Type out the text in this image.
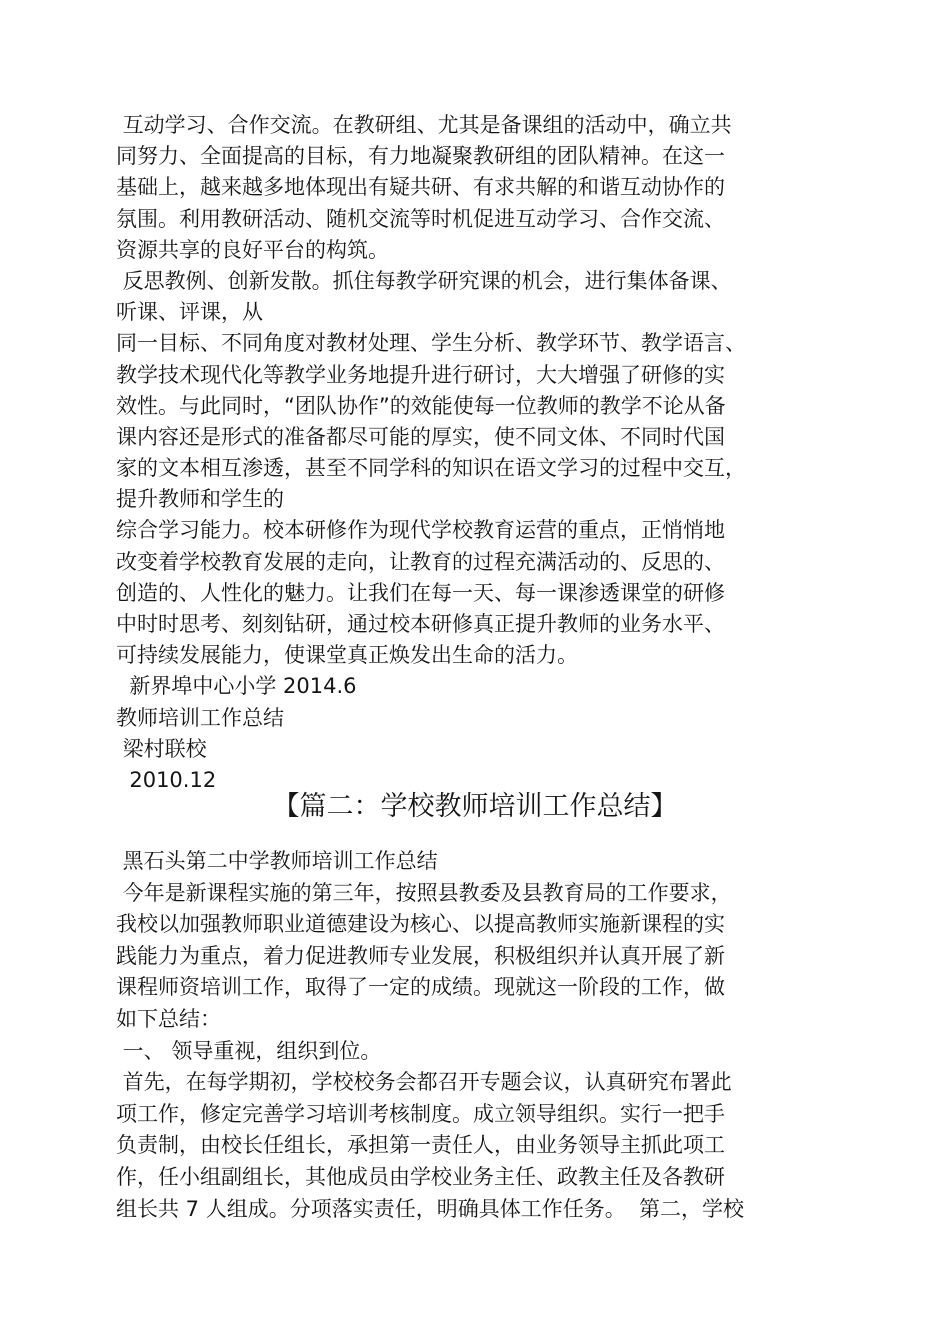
互动学习、合作交流。在教研组、尤其是备课组的活动中，确立共
同努力、全面提高的目标，有力地凝聚教研组的团队精神。在这一
基础上，越来越多地体现出有疑共研、有求共解的和谐互动协作的
氛围。利用教研活动、随机交流等时机促进互动学习、合作交流、
资源共享的良好平台的构筑。
反思教例、创新发散。抓住每教学研究课的机会，进行集体备课、
听课、评课，从
同一目标、不同角度对教材处理、学生分析、教学环节、教学语言、
教学技术现代化等教学业务地提升进行研讨，大大增强了研修的实
效性。与此同时，“团队协作”的效能使每一位教师的教学不论从备
课内容还是形式的准备都尽可能的厚实，使不同文体、不同时代国
家的文本相互渗透，甚至不同学科的知识在语文学习的过程中交互，
提升教师和学生的
综合学习能力。校本研修作为现代学校教育运营的重点，正悄悄地
改变着学校教育发展的走向，让教育的过程充满活动的、反思的、
创造的、人性化的魅力。让我们在每一天、每一课渗透课堂的研修
中时时思考、刻刻钻研，通过校本研修真正提升教师的业务水平、
可持续发展能力，使课堂真正焕发出生命的活力。
新界埠中心小学 2014.6
教师培训工作总结
梁村联校
2010.12
【篇二：学校教师培训工作总结】
黑石头第二中学教师培训工作总结
今年是新课程实施的第三年，按照县教委及县教育局的工作要求，
我校以加强教师职业道德建设为核心、以提高教师实施新课程的实
践能力为重点，着力促进教师专业发展，积极组织并认真开展了新
课程师资培训工作，取得了一定的成绩。现就这一阶段的工作，做
如下总结：
一、 领导重视，组织到位。
首先，在每学期初，学校校务会都召开专题会议，认真研究布署此
项工作，修定完善学习培训考核制度。成立领导组织。实行一把手
负责制，由校长任组长，承担第一责任人，由业务领导主抓此项工
作，任小组副组长，其他成员由学校业务主任、政教主任及各教研
组长共 7 人组成。分项落实责任，明确具体工作任务。  第二，学校
